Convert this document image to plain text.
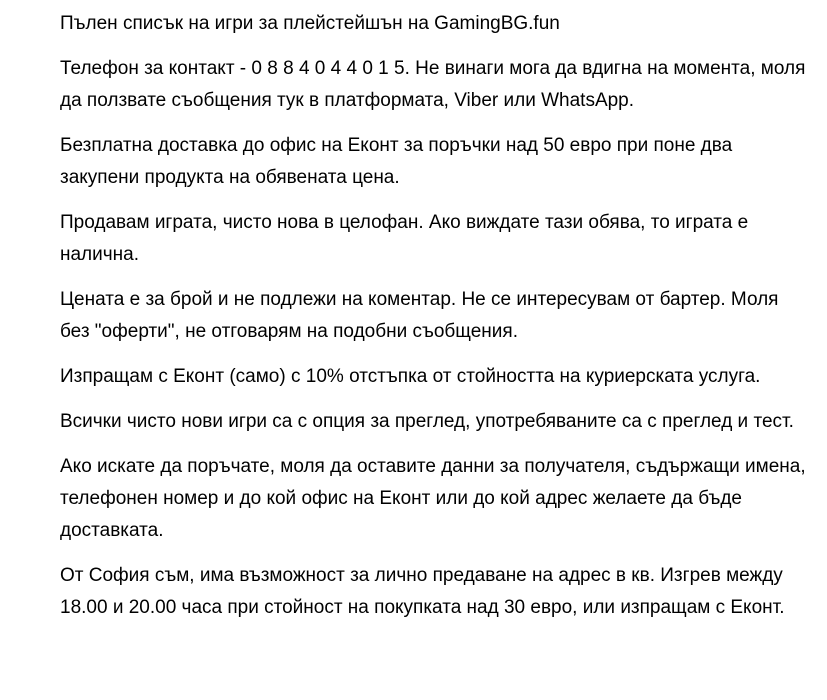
Пълен списък на игри за плейстейшън на GamingBG.fun

Телефон за контакт - 0 8 8 4 0 4 4 0 1 5. Не винаги мога да вдигна на момента, моля да ползвате съобщения тук в платформата, Viber или WhatsApp.

Безплатна доставка до офис на Еконт за поръчки над 50 евро при поне два закупени продукта на обявената цена.

Продавам играта, чисто нова в целофан. Ако виждате тази обява, то играта е налична.

Цената е за брой и не подлежи на коментар. Не се интересувам от бартер. Моля без "оферти", не отговарям на подобни съобщения.

Изпращам с Еконт (само) с 10% отстъпка от стойността на куриерската услуга.

Всички чисто нови игри са с опция за преглед, употребяваните са с преглед и тест.

Ако искате да поръчате, моля да оставите данни за получателя, съдържащи имена, телефонен номер и до кой офис на Еконт или до кой адрес желаете да бъде доставката.

От София съм, има възможност за лично предаване на адрес в кв. Изгрев между 18.00 и 20.00 часа при стойност на покупката над 30 евро, или изпращам с Еконт.
